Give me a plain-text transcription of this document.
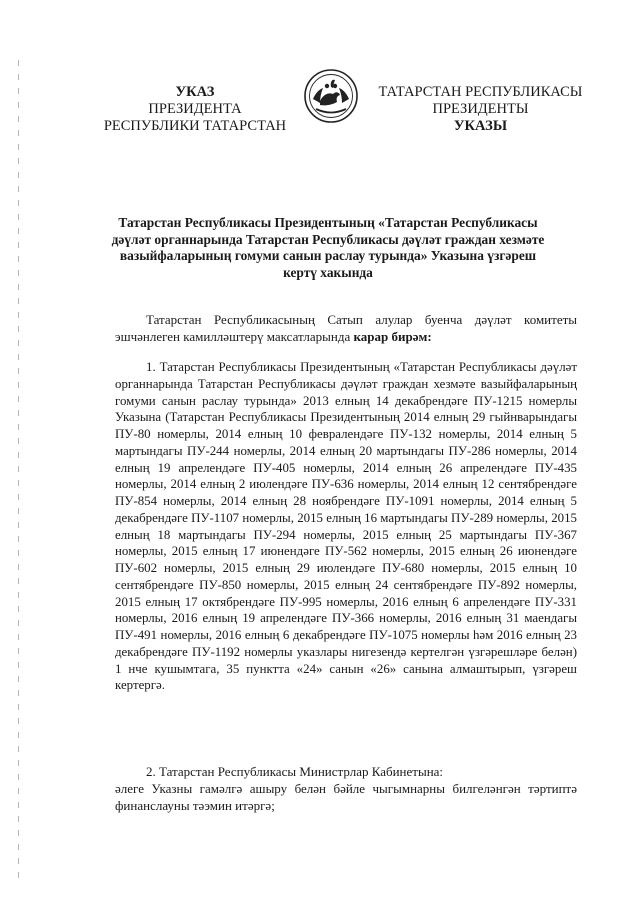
УКАЗ
ПРЕЗИДЕНТА
РЕСПУБЛИКИ ТАТАРСТАН
ТАТАРСТАН РЕСПУБЛИКАСЫ
ПРЕЗИДЕНТЫ
УКАЗЫ
Татарстан Республикасы Президентының «Татарстан Республикасы дәүләт органнарында Татарстан Республикасы дәүләт граждан хезмәте вазыйфаларының гомуми санын раслау турында» Указына үзгәреш кертү хакында
Татарстан Республикасының Сатып алулар буенча дәүләт комитеты эшчәнлеген камилләштерү максатларында карар бирәм:
1. Татарстан Республикасы Президентының «Татарстан Республикасы дәүләт органнарында Татарстан Республикасы дәүләт граждан хезмәте вазыйфаларының гомуми санын раслау турында» 2013 елның 14 декабрендәге ПУ-1215 номерлы Указына (Татарстан Республикасы Президентының 2014 елның 29 гыйнварындагы ПУ-80 номерлы, 2014 елның 10 февралендәге ПУ-132 номерлы, 2014 елның 5 мартындагы ПУ-244 номерлы, 2014 елның 20 мартындагы ПУ-286 номерлы, 2014 елның 19 апрелендәге ПУ-405 номерлы, 2014 елның 26 апрелендәге ПУ-435 номерлы, 2014 елның 2 июлендәге ПУ-636 номерлы, 2014 елның 12 сентябрендәге ПУ-854 номерлы, 2014 елның 28 ноябрендәге ПУ-1091 номерлы, 2014 елның 5 декабрендәге ПУ-1107 номерлы, 2015 елның 16 мартындагы ПУ-289 номерлы, 2015 елның 18 мартындагы ПУ-294 номерлы, 2015 елның 25 мартындагы ПУ-367 номерлы, 2015 елның 17 июнендәге ПУ-562 номерлы, 2015 елның 26 июнендәге ПУ-602 номерлы, 2015 елның 29 июлендәге ПУ-680 номерлы, 2015 елның 10 сентябрендәге ПУ-850 номерлы, 2015 елның 24 сентябрендәге ПУ-892 номерлы, 2015 елның 17 октябрендәге ПУ-995 номерлы, 2016 елның 6 апрелендәге ПУ-331 номерлы, 2016 елның 19 апрелендәге ПУ-366 номерлы, 2016 елның 31 маендагы ПУ-491 номерлы, 2016 елның 6 декабрендәге ПУ-1075 номерлы һәм 2016 елның 23 декабрендәге ПУ-1192 номерлы указлары нигезендә кертелгән үзгәрешләре белән) 1 нче кушымтага, 35 пунктта «24» санын «26» санына алмаштырып, үзгәреш кертергә.
2. Татарстан Республикасы Министрлар Кабинетына:
әлеге Указны гамәлгә ашыру белән бәйле чыгымнарны билгеләнгән тәртиптә финанслауны тәэмин итәргә;
